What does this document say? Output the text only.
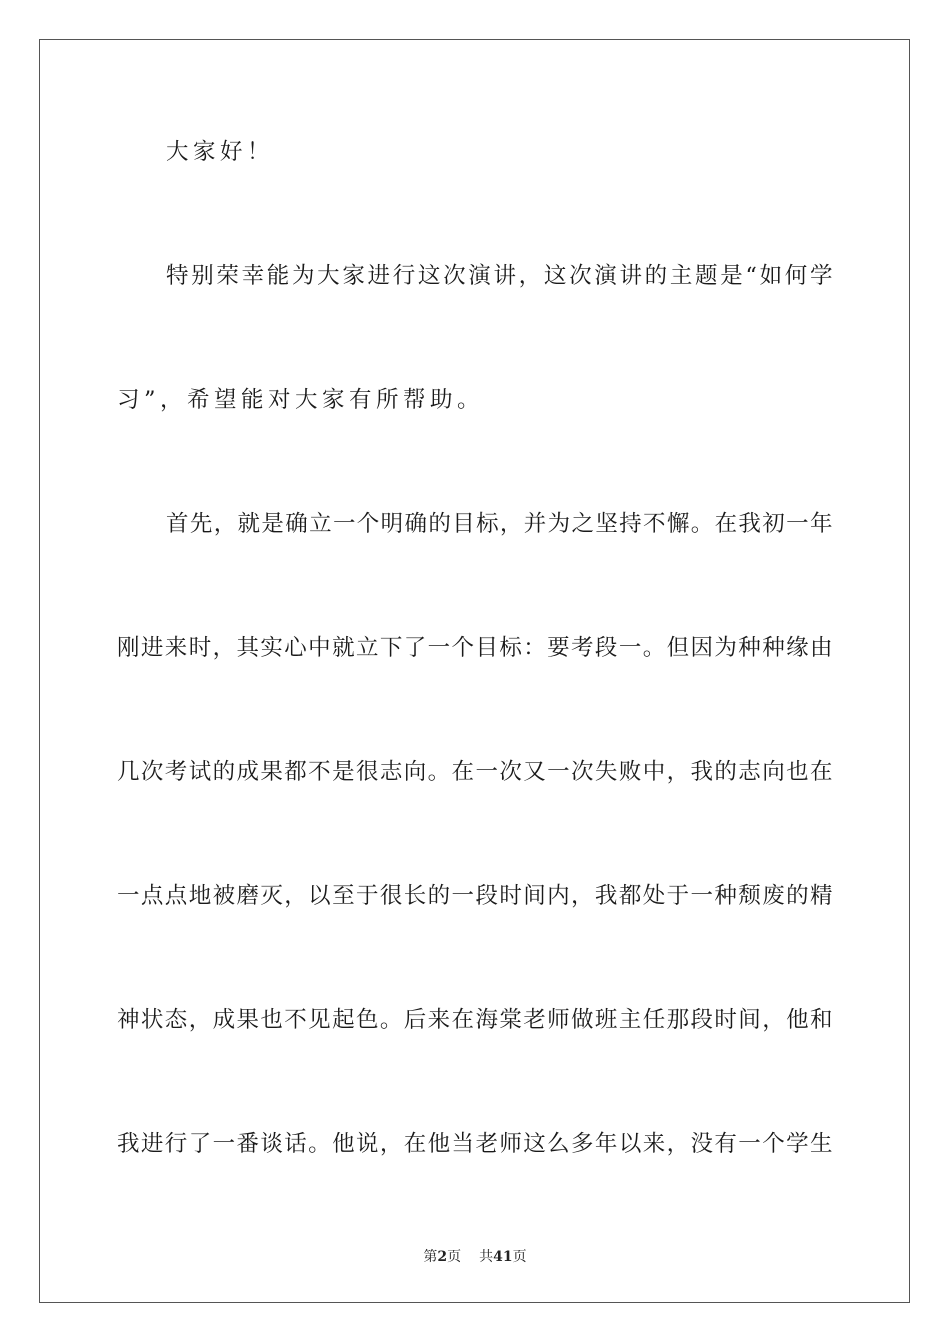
大家好！
特别荣幸能为大家进行这次演讲，这次演讲的主题是“如何学
习”，希望能对大家有所帮助。
首先，就是确立一个明确的目标，并为之坚持不懈。在我初一年
刚进来时，其实心中就立下了一个目标：要考段一。但因为种种缘由
几次考试的成果都不是很志向。在一次又一次失败中，我的志向也在
一点点地被磨灭，以至于很长的一段时间内，我都处于一种颓废的精
神状态，成果也不见起色。后来在海棠老师做班主任那段时间，他和
我进行了一番谈话。他说，在他当老师这么多年以来，没有一个学生
第2页 共41页
